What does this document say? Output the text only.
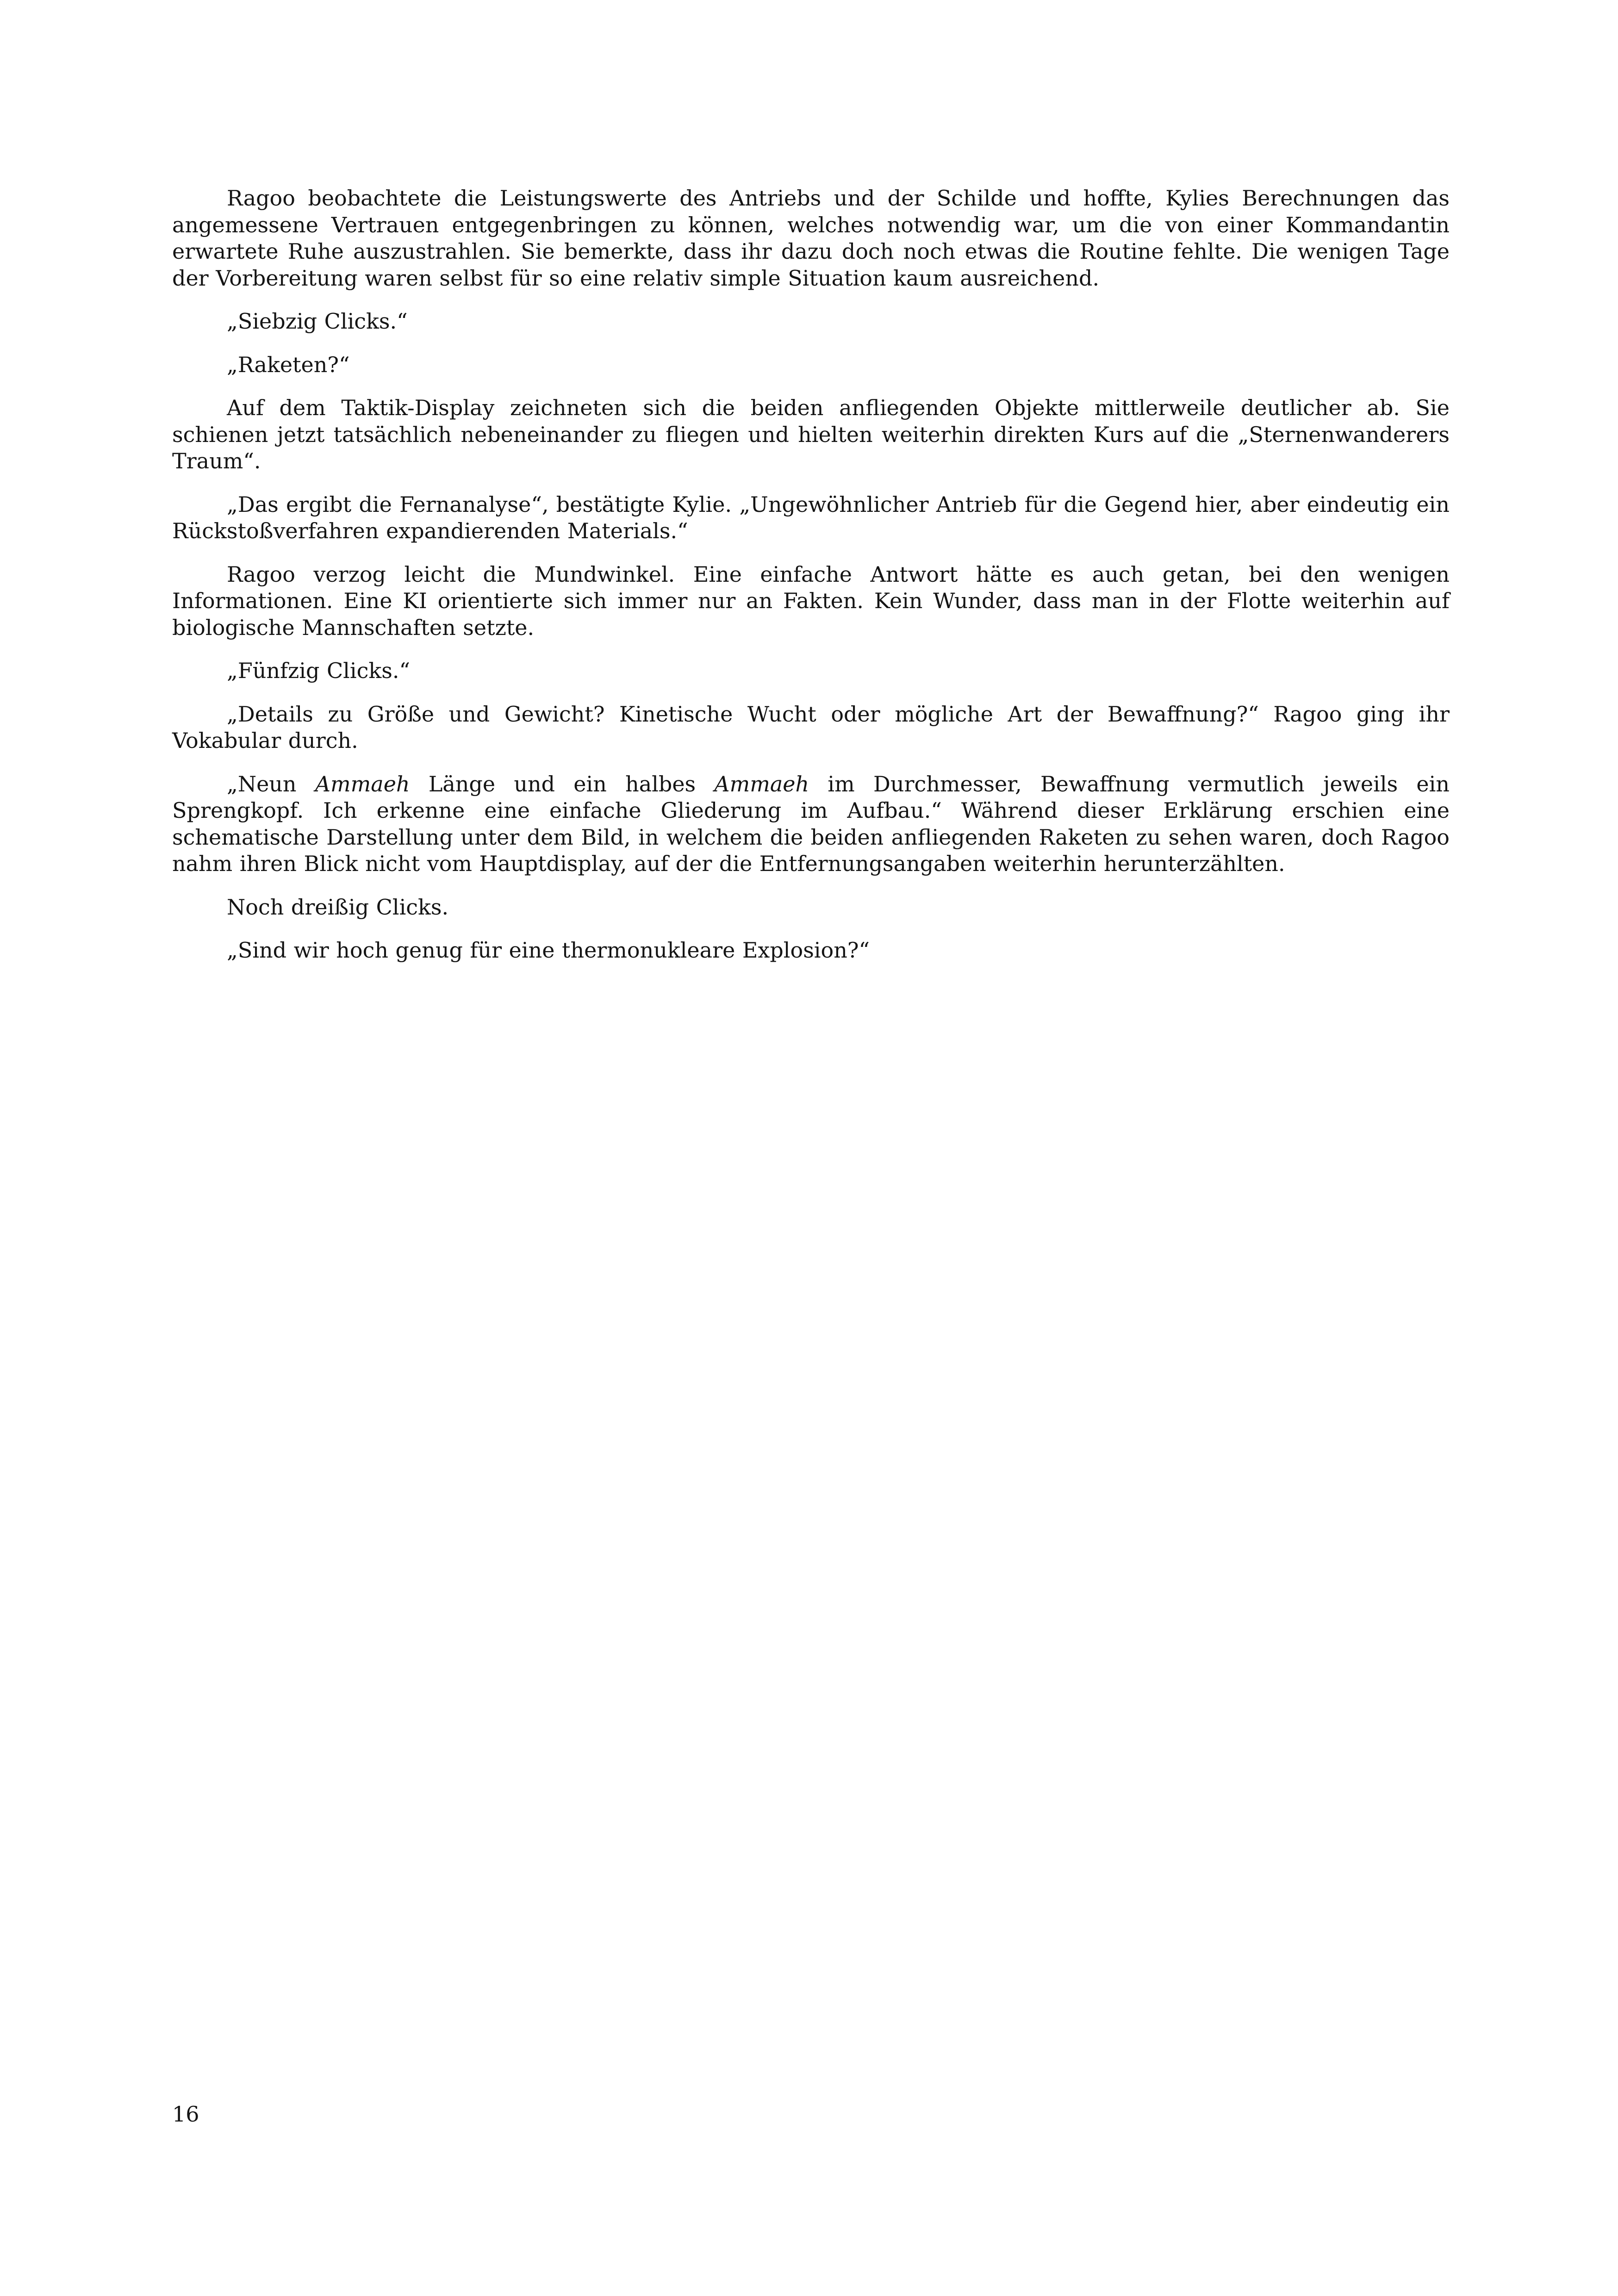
Ragoo beobachtete die Leistungswerte des Antriebs und der Schilde und hoffte, Kylies Berechnungen das angemessene Vertrauen entgegenbringen zu können, welches notwendig war, um die von einer Kommandantin erwartete Ruhe auszustrahlen. Sie bemerkte, dass ihr dazu doch noch etwas die Routine fehlte. Die wenigen Tage der Vorbereitung waren selbst für so eine relativ simple Situation kaum ausreichend.

„Siebzig Clicks.“

„Raketen?“

Auf dem Taktik-Display zeichneten sich die beiden anfliegenden Objekte mittlerweile deutlicher ab. Sie schienen jetzt tatsächlich nebeneinander zu fliegen und hielten weiterhin direkten Kurs auf die „Sternenwanderers Traum“.

„Das ergibt die Fernanalyse“, bestätigte Kylie. „Ungewöhnlicher Antrieb für die Gegend hier, aber eindeutig ein Rückstoßverfahren expandierenden Materials.“

Ragoo verzog leicht die Mundwinkel. Eine einfache Antwort hätte es auch getan, bei den wenigen Informationen. Eine KI orientierte sich immer nur an Fakten. Kein Wunder, dass man in der Flotte weiterhin auf biologische Mannschaften setzte.

„Fünfzig Clicks.“

„Details zu Größe und Gewicht? Kinetische Wucht oder mögliche Art der Bewaffnung?“ Ragoo ging ihr Vokabular durch.

„Neun Ammaeh Länge und ein halbes Ammaeh im Durchmesser, Bewaffnung vermutlich jeweils ein Sprengkopf. Ich erkenne eine einfache Gliederung im Aufbau.“ Während dieser Erklärung erschien eine schematische Darstellung unter dem Bild, in welchem die beiden anfliegenden Raketen zu sehen waren, doch Ragoo nahm ihren Blick nicht vom Hauptdisplay, auf der die Entfernungsangaben weiterhin herunterzählten.

Noch dreißig Clicks.

„Sind wir hoch genug für eine thermonukleare Explosion?“

16
